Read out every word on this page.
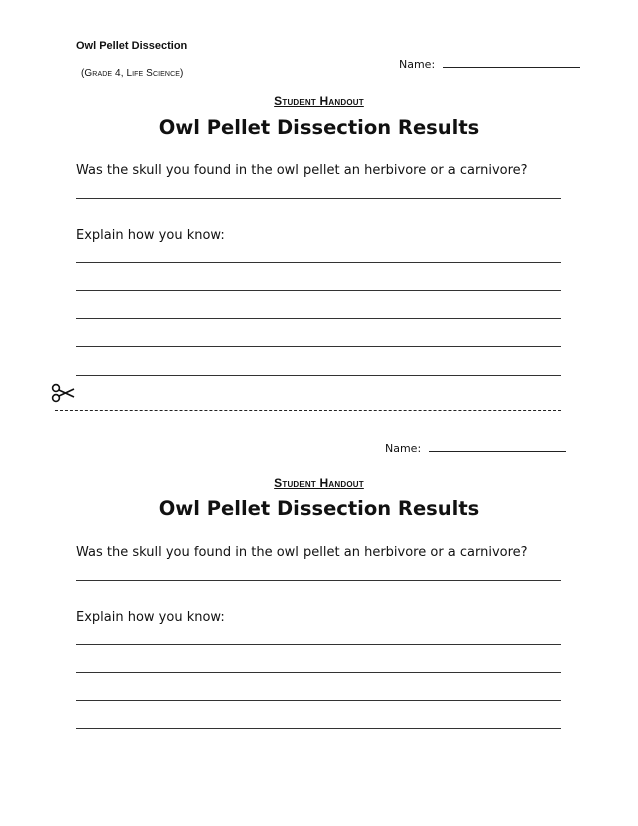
Owl Pellet Dissection
(Grade 4, Life Science)
Name:
Student Handout
Owl Pellet Dissection Results
Was the skull you found in the owl pellet an herbivore or a carnivore?
Explain how you know:
Name:
Student Handout
Owl Pellet Dissection Results
Was the skull you found in the owl pellet an herbivore or a carnivore?
Explain how you know:
